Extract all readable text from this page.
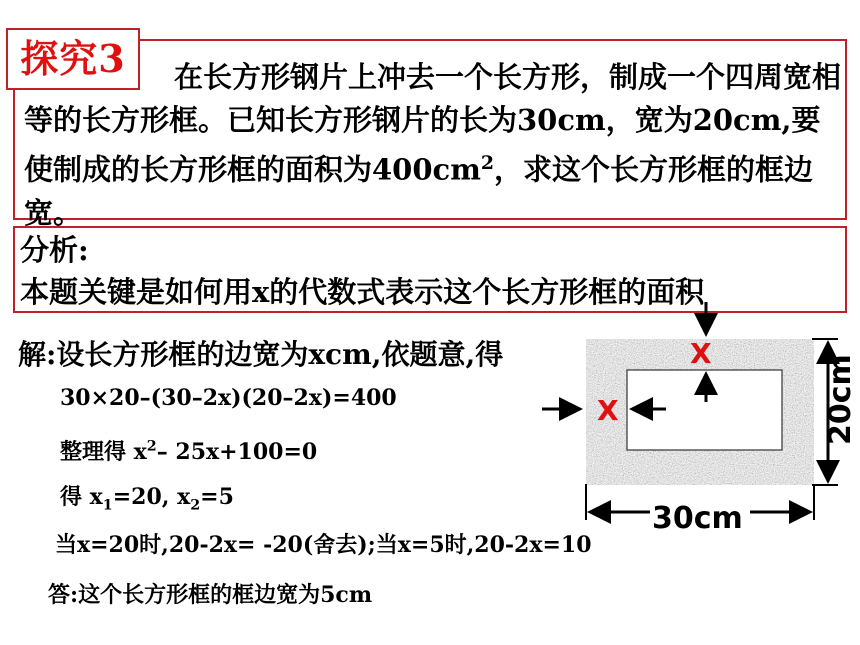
探究3	在长方形钢片上冲去一个长方形，制成一个四周宽相等的长方形框。已知长方形钢片的长为30cm，宽为20cm,要使制成的长方形框的面积为$400cm^2$，求这个长方形框的框边宽。
分析:
本题关键是如何用x的代数式表示这个长方形框的面积
解:设长方形框的边宽为xcm,依题意,得
30×20–(30–2x)(20–2x)=400
整理得 $x^2-$ 25x+100=0
得 $x_1=20$, $x_2=5$
当x=20时,20-2x= -20(舍去);当x=5时,20-2x=10
答:这个长方形框的框边宽为5cm
X
X	20cm
30cm
